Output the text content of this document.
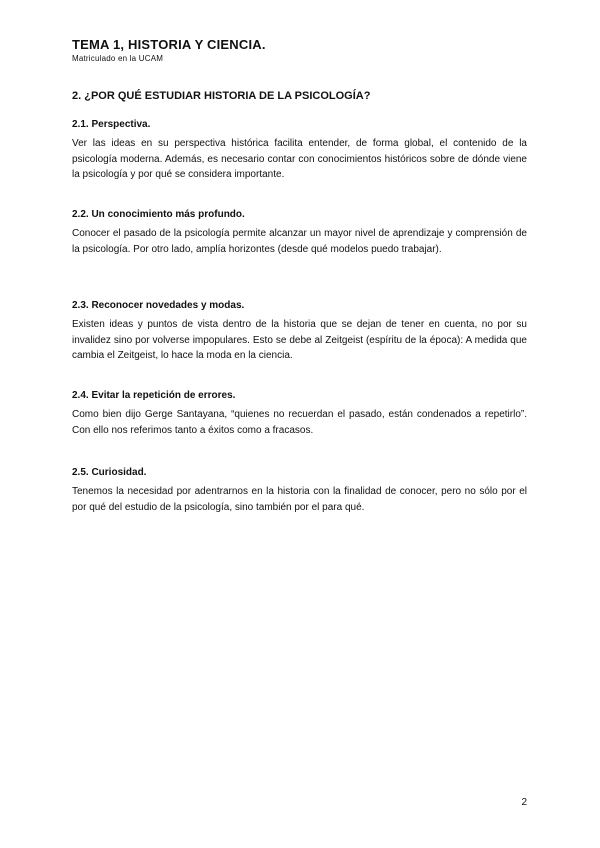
TEMA 1, HISTORIA Y CIENCIA.

Matriculado en la UCAM

2. ¿POR QUÉ ESTUDIAR HISTORIA DE LA PSICOLOGÍA?
2.1. Perspectiva.

Ver las ideas en su perspectiva histórica facilita entender, de forma global, el contenido de la psicología moderna. Además, es necesario contar con conocimientos históricos sobre de dónde viene la psicología y por qué se considera importante.

2.2. Un conocimiento más profundo.

Conocer el pasado de la psicología permite alcanzar un mayor nivel de aprendizaje y comprensión de la psicología. Por otro lado, amplía horizontes (desde qué modelos puedo trabajar).

2.3. Reconocer novedades y modas.

Existen ideas y puntos de vista dentro de la historia que se dejan de tener en cuenta, no por su invalidez sino por volverse impopulares. Esto se debe al Zeitgeist (espíritu de la época): A medida que cambia el Zeitgeist, lo hace la moda en la ciencia.

2.4. Evitar la repetición de errores.

Como bien dijo Gerge Santayana, “quienes no recuerdan el pasado, están condenados a repetirlo”. Con ello nos referimos tanto a éxitos como a fracasos.

2.5. Curiosidad.

Tenemos la necesidad por adentrarnos en la historia con la finalidad de conocer, pero no sólo por el por qué del estudio de la psicología, sino también por el para qué.

2
